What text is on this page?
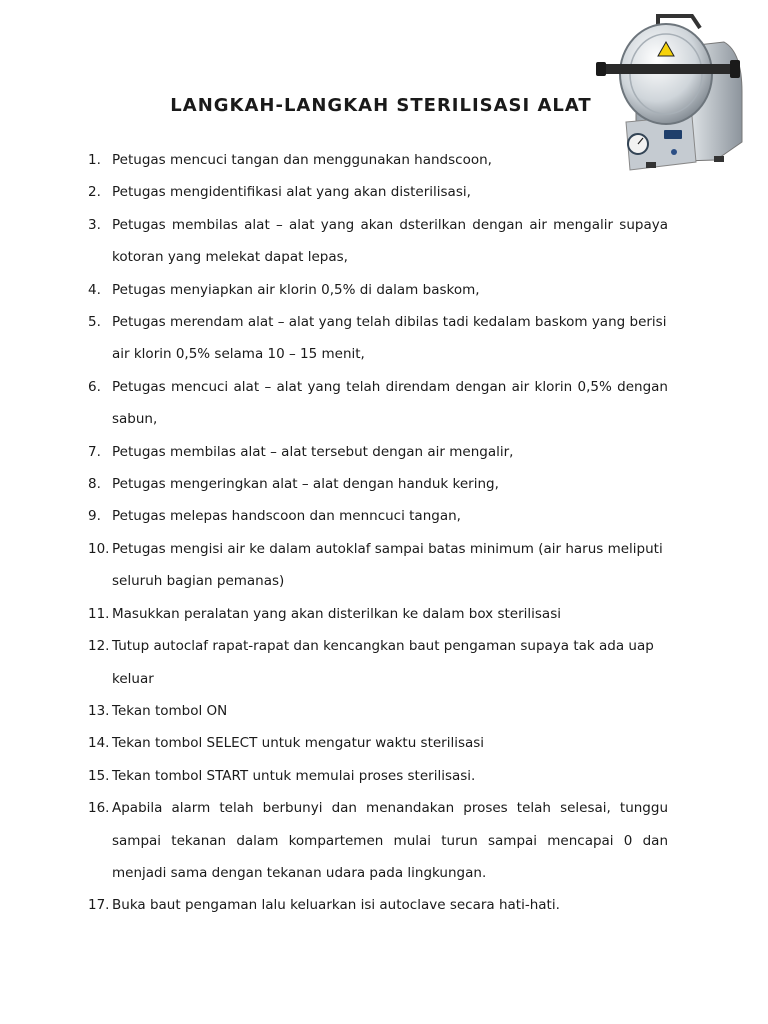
LANGKAH-LANGKAH STERILISASI ALAT
1. Petugas mencuci tangan dan menggunakan handscoon,
2. Petugas mengidentifikasi alat yang akan disterilisasi,
3. Petugas membilas alat – alat yang akan dsterilkan dengan air mengalir supaya kotoran yang melekat dapat lepas,
4. Petugas menyiapkan air klorin 0,5% di dalam baskom,
5. Petugas merendam alat – alat yang telah dibilas tadi kedalam baskom yang berisi air klorin 0,5% selama 10 – 15 menit,
6. Petugas mencuci alat – alat yang telah direndam dengan air klorin 0,5% dengan sabun,
7. Petugas membilas alat – alat tersebut dengan air mengalir,
8. Petugas mengeringkan alat – alat dengan handuk kering,
9. Petugas melepas handscoon dan menncuci tangan,
10. Petugas mengisi air ke dalam autoklaf sampai batas minimum (air harus meliputi seluruh bagian pemanas)
11. Masukkan peralatan yang akan disterilkan ke dalam box sterilisasi
12. Tutup autoclaf rapat-rapat dan kencangkan baut pengaman supaya tak ada uap keluar
13. Tekan tombol ON
14. Tekan tombol SELECT untuk mengatur waktu sterilisasi
15. Tekan tombol START untuk memulai proses sterilisasi.
16. Apabila alarm telah berbunyi dan menandakan proses telah selesai, tunggu sampai tekanan dalam kompartemen mulai turun sampai mencapai 0 dan menjadi sama dengan tekanan udara pada lingkungan.
17. Buka baut pengaman lalu keluarkan isi autoclave secara hati-hati.
